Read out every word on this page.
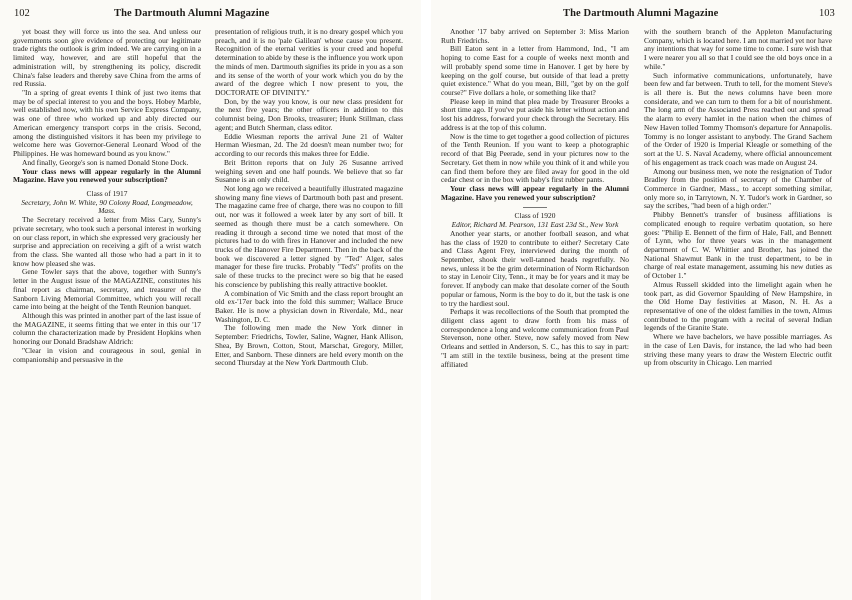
102	The Dartmouth Alumni Magazine

yet boast they will force us into the sea. And unless our governments soon give evidence of protecting our legitimate trade rights the outlook is grim indeed. We are carrying on in a limited way, however, and are still hopeful that the administration will, by strengthening its policy, discredit China's false leaders and thereby save China from the arms of red Russia.

"In a spring of great events I think of just two items that may be of special interest to you and the boys. Hobey Marble, well established now, with his own Service Express Company, was one of three who worked up and ably directed our American emergency transport corps in the crisis. Second, among the distinguished visitors it has been my privilege to welcome here was Governor-General Leonard Wood of the Philippines. He was homeward bound as you know."

And finally, George's son is named Donald Stone Dock.

Your class news will appear regularly in the Alumni Magazine. Have you renewed your subscription?

Class of 1917

Secretary, John W. White, 90 Colony Road, Longmeadow, Mass.

The Secretary received a letter from Miss Cary, Sunny's private secretary, who took such a personal interest in working on our class report, in which she expressed very graciously her surprise and appreciation on receiving a gift of a wrist watch from the class. She wanted all those who had a part in it to know how pleased she was.

Gene Towler says that the above, together with Sunny's letter in the August issue of the MAGAZINE, constitutes his final report as chairman, secretary, and treasurer of the Sanborn Living Memorial Committee, which you will recall came into being at the height of the Tenth Reunion banquet.

Although this was printed in another part of the last issue of the MAGAZINE, it seems fitting that we enter in this our '17 column the characterization made by President Hopkins when honoring our Donald Bradshaw Aldrich:

"Clear in vision and courageous in soul, genial in companionship and persuasive in the

presentation of religious truth, it is no dreary gospel which you preach, and it is no 'pale Galilean' whose cause you present. Recognition of the eternal verities is your creed and hopeful determination to abide by these is the influence you work upon the minds of men. Dartmouth signifies its pride in you as a son and its sense of the worth of your work which you do by the award of the degree which I now present to you, the DOCTORATE OF DIVINITY."

Don, by the way you know, is our new class president for the next five years; the other officers in addition to this columnist being, Don Brooks, treasurer; Hunk Stillman, class agent; and Butch Sherman, class editor.

Eddie Wiesman reports the arrival June 21 of Walter Herman Wiesman, 2d. The 2d doesn't mean number two; for according to our records this makes three for Eddie.

Brit Britton reports that on July 26 Susanne arrived weighing seven and one half pounds. We believe that so far Susanne is an only child.

Not long ago we received a beautifully illustrated magazine showing many fine views of Dartmouth both past and present. The magazine came free of charge, there was no coupon to fill out, nor was it followed a week later by any sort of bill. It seemed as though there must be a catch somewhere. On reading it through a second time we noted that most of the pictures had to do with fires in Hanover and included the new trucks of the Hanover Fire Department. Then in the back of the book we discovered a letter signed by "Ted" Alger, sales manager for these fire trucks. Probably "Ted's" profits on the sale of these trucks to the precinct were so big that he eased his conscience by publishing this really attractive booklet.

A combination of Vic Smith and the class report brought an old ex-'17er back into the fold this summer; Wallace Bruce Baker. He is now a physician down in Riverdale, Md., near Washington, D. C.

The following men made the New York dinner in September: Friedrichs, Towler, Saline, Wagner, Hank Allison, Shea, By Brown, Cotton, Stout, Marschat, Gregory, Miller, Etter, and Sanborn. These dinners are held every month on the second Thursday at the New York Dartmouth Club.

The Dartmouth Alumni Magazine	103

Another '17 baby arrived on September 3: Miss Marion Ruth Friedrichs.

Bill Eaton sent in a letter from Hammond, Ind., "I am hoping to come East for a couple of weeks next month and will probably spend some time in Hanover. I get by here by keeping on the golf course, but outside of that lead a pretty quiet existence." What do you mean, Bill, "get by on the golf course?" Five dollars a hole, or something like that?

Please keep in mind that plea made by Treasurer Brooks a short time ago. If you've put aside his letter without action and lost his address, forward your check through the Secretary. His address is at the top of this column.

Now is the time to get together a good collection of pictures of the Tenth Reunion. If you want to keep a photographic record of that Big Peerade, send in your pictures now to the Secretary. Get them in now while you think of it and while you can find them before they are filed away for good in the old cedar chest or in the box with baby's first rubber pants.

Your class news will appear regularly in the Alumni Magazine. Have you renewed your subscription?

Class of 1920

Editor, Richard M. Pearson, 131 East 23d St., New York

Another year starts, or another football season, and what has the class of 1920 to contribute to either? Secretary Cate and Class Agent Frey, interviewed during the month of September, shook their well-tanned heads regretfully. No news, unless it be the grim determination of Norm Richardson to stay in Lenoir City, Tenn., it may be for years and it may be forever. If anybody can make that desolate corner of the South popular or famous, Norm is the boy to do it, but the task is one to try the hardiest soul.

Perhaps it was recollections of the South that prompted the diligent class agent to draw forth from his mass of correspondence a long and welcome communication from Paul Stevenson, none other. Steve, now safely moved from New Orleans and settled in Anderson, S. C., has this to say in part: "I am still in the textile business, being at the present time affiliated

with the southern branch of the Appleton Manufacturing Company, which is located here. I am not married yet nor have any intentions that way for some time to come. I sure wish that I were nearer you all so that I could see the old boys once in a while."

Such informative communications, unfortunately, have been few and far between. Truth to tell, for the moment Steve's is all there is. But the news columns have been more considerate, and we can turn to them for a bit of nourishment. The long arm of the Associated Press reached out and spread the alarm to every hamlet in the nation when the chimes of New Haven tolled Tommy Thomson's departure for Annapolis. Tommy is no longer assistant to anybody. The Grand Sachem of the Order of 1920 is Imperial Kleagle or something of the sort at the U. S. Naval Academy, where official announcement of his engagement as track coach was made on August 24.

Among our business men, we note the resignation of Tudor Bradley from the position of secretary of the Chamber of Commerce in Gardner, Mass., to accept something similar, only more so, in Tarrytown, N. Y. Tudor's work in Gardner, so say the scribes, "had been of a high order."

Phibby Bennett's transfer of business affiliations is complicated enough to require verbatim quotation, so here goes: "Philip E. Bennett of the firm of Hale, Fall, and Bennett of Lynn, who for three years was in the management department of C. W. Whittier and Brother, has joined the National Shawmut Bank in the trust department, to be in charge of real estate management, assuming his new duties as of October 1."

Almus Russell skidded into the limelight again when he took part, as did Governor Spaulding of New Hampshire, in the Old Home Day festivities at Mason, N. H. As a representative of one of the oldest families in the town, Almus contributed to the program with a recital of several Indian legends of the Granite State.

Where we have bachelors, we have possible marriages. As in the case of Len Davis, for instance, the lad who had been striving these many years to draw the Western Electric outfit up from obscurity in Chicago. Len married
